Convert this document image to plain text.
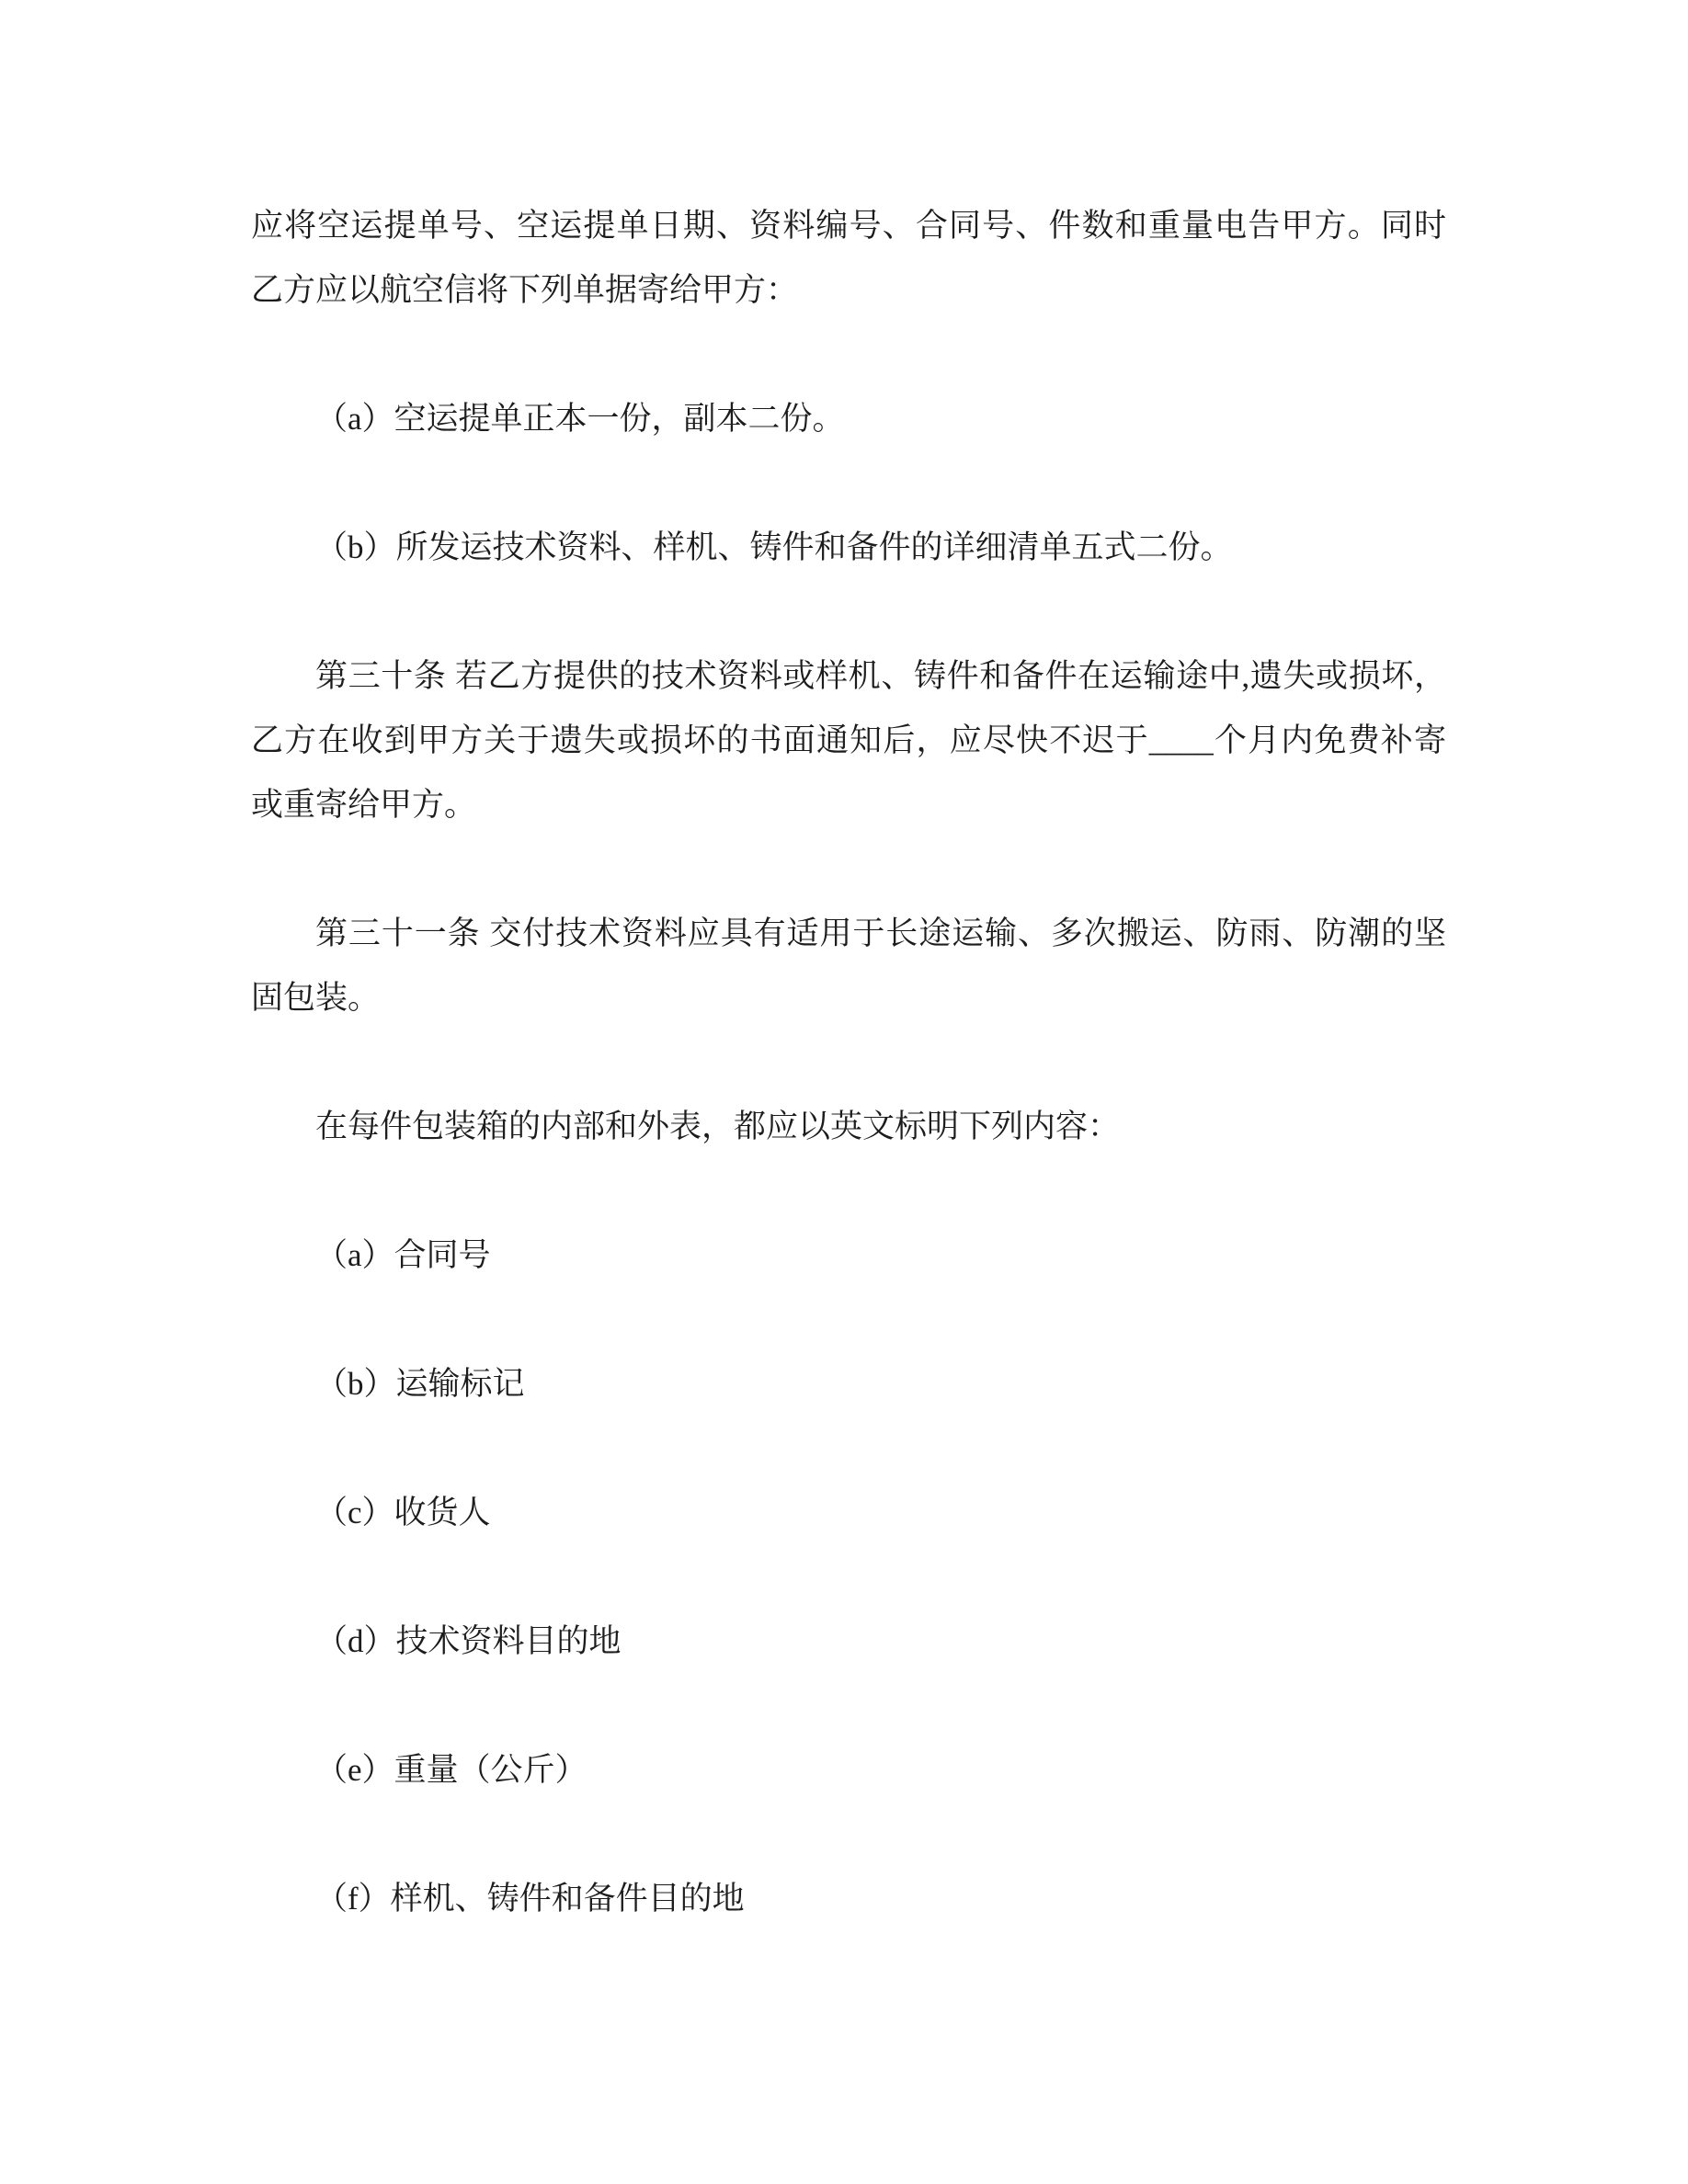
应将空运提单号、空运提单日期、资料编号、合同号、件数和重量电告甲方。同时
乙方应以航空信将下列单据寄给甲方：
（a）空运提单正本一份，副本二份。
（b）所发运技术资料、样机、铸件和备件的详细清单五式二份。
第三十条 若乙方提供的技术资料或样机、铸件和备件在运输途中,遗失或损坏，
乙方在收到甲方关于遗失或损坏的书面通知后，应尽快不迟于____个月内免费补寄
或重寄给甲方。
第三十一条 交付技术资料应具有适用于长途运输、多次搬运、防雨、防潮的坚
固包装。
在每件包装箱的内部和外表，都应以英文标明下列内容：
（a）合同号
（b）运输标记
（c）收货人
（d）技术资料目的地
（e）重量（公斤）
（f）样机、铸件和备件目的地
